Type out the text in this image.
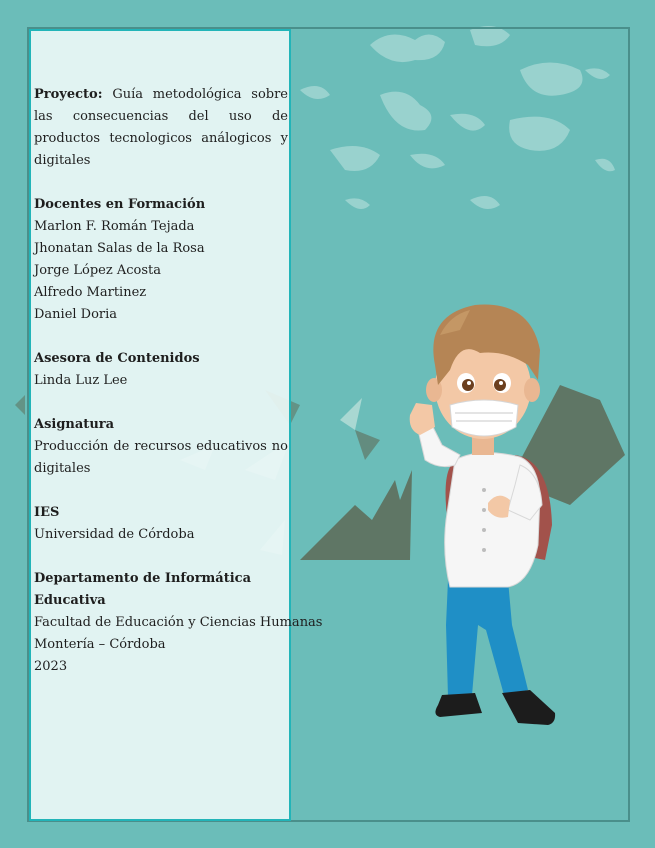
Proyecto: Guía metodológica sobre las consecuencias del uso de productos tecnologicos análogicos y digitales
Docentes en Formación
Marlon F. Román Tejada
Jhonatan Salas de la Rosa
Jorge López Acosta
Alfredo Martinez
Daniel Doria
Asesora de Contenidos
Linda Luz Lee
Asignatura
Producción de recursos educativos no digitales
IES
Universidad de Córdoba
Departamento de Informática Educativa
Facultad de Educación y Ciencias Humanas
Montería – Córdoba
2023
